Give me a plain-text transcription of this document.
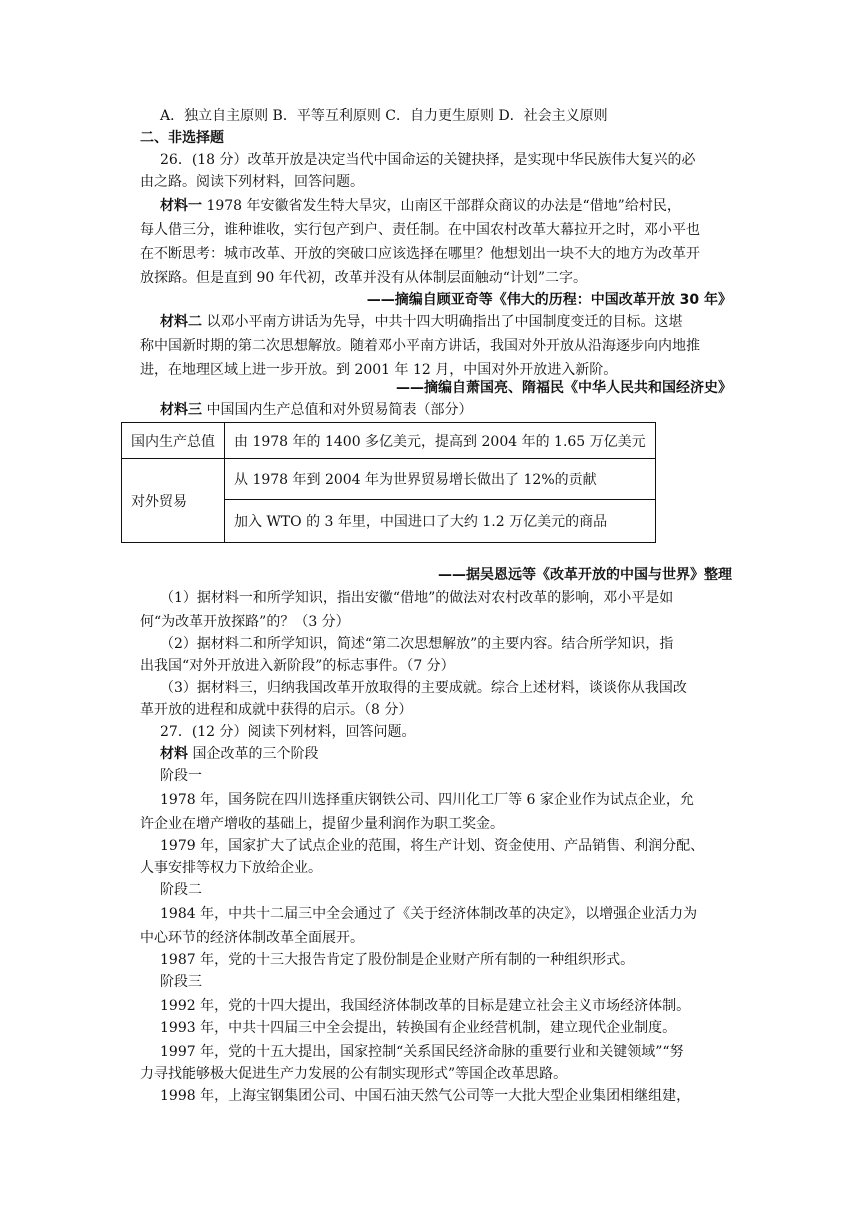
A．独立自主原则 B．平等互利原则 C．自力更生原则 D．社会主义原则
二、非选择题
26．(18 分）改革开放是决定当代中国命运的关键抉择，是实现中华民族伟大复兴的必
由之路。阅读下列材料，回答问题。
材料一 1978 年安徽省发生特大旱灾，山南区干部群众商议的办法是“借地”给村民，
每人借三分，谁种谁收，实行包产到户、责任制。在中国农村改革大幕拉开之时，邓小平也
在不断思考：城市改革、开放的突破口应该选择在哪里？他想划出一块不大的地方为改革开
放探路。但是直到 90 年代初，改革并没有从体制层面触动“计划”二字。
——摘编自顾亚奇等《伟大的历程：中国改革开放 30 年》
材料二 以邓小平南方讲话为先导，中共十四大明确指出了中国制度变迁的目标。这堪
称中国新时期的第二次思想解放。随着邓小平南方讲话，我国对外开放从沿海逐步向内地推
进，在地理区域上进一步开放。到 2001 年 12 月，中国对外开放进入新阶。
——摘编自萧国亮、隋福民《中华人民共和国经济史》
材料三 中国国内生产总值和对外贸易简表（部分）
国内生产总值	由 1978 年的 1400 多亿美元，提高到 2004 年的 1.65 万亿美元
对外贸易	从 1978 年到 2004 年为世界贸易增长做出了 12%的贡献
	加入 WTO 的 3 年里，中国进口了大约 1.2 万亿美元的商品
——据吴恩远等《改革开放的中国与世界》整理
（1）据材料一和所学知识，指出安徽“借地”的做法对农村改革的影响，邓小平是如
何“为改革开放探路”的？（3 分）
（2）据材料二和所学知识，简述“第二次思想解放”的主要内容。结合所学知识，指
出我国“对外开放进入新阶段”的标志事件。（7 分）
（3）据材料三，归纳我国改革开放取得的主要成就。综合上述材料，谈谈你从我国改
革开放的进程和成就中获得的启示。（8 分）
27．(12 分）阅读下列材料，回答问题。
材料 国企改革的三个阶段
阶段一
1978 年，国务院在四川选择重庆钢铁公司、四川化工厂等 6 家企业作为试点企业，允
许企业在增产增收的基础上，提留少量利润作为职工奖金。
1979 年，国家扩大了试点企业的范围，将生产计划、资金使用、产品销售、利润分配、
人事安排等权力下放给企业。
阶段二
1984 年，中共十二届三中全会通过了《关于经济体制改革的决定》，以增强企业活力为
中心环节的经济体制改革全面展开。
1987 年，党的十三大报告肯定了股份制是企业财产所有制的一种组织形式。
阶段三
1992 年，党的十四大提出，我国经济体制改革的目标是建立社会主义市场经济体制。
1993 年，中共十四届三中全会提出，转换国有企业经营机制，建立现代企业制度。
1997 年，党的十五大提出，国家控制“关系国民经济命脉的重要行业和关键领域”“努
力寻找能够极大促进生产力发展的公有制实现形式”等国企改革思路。
1998 年，上海宝钢集团公司、中国石油天然气公司等一大批大型企业集团相继组建，
